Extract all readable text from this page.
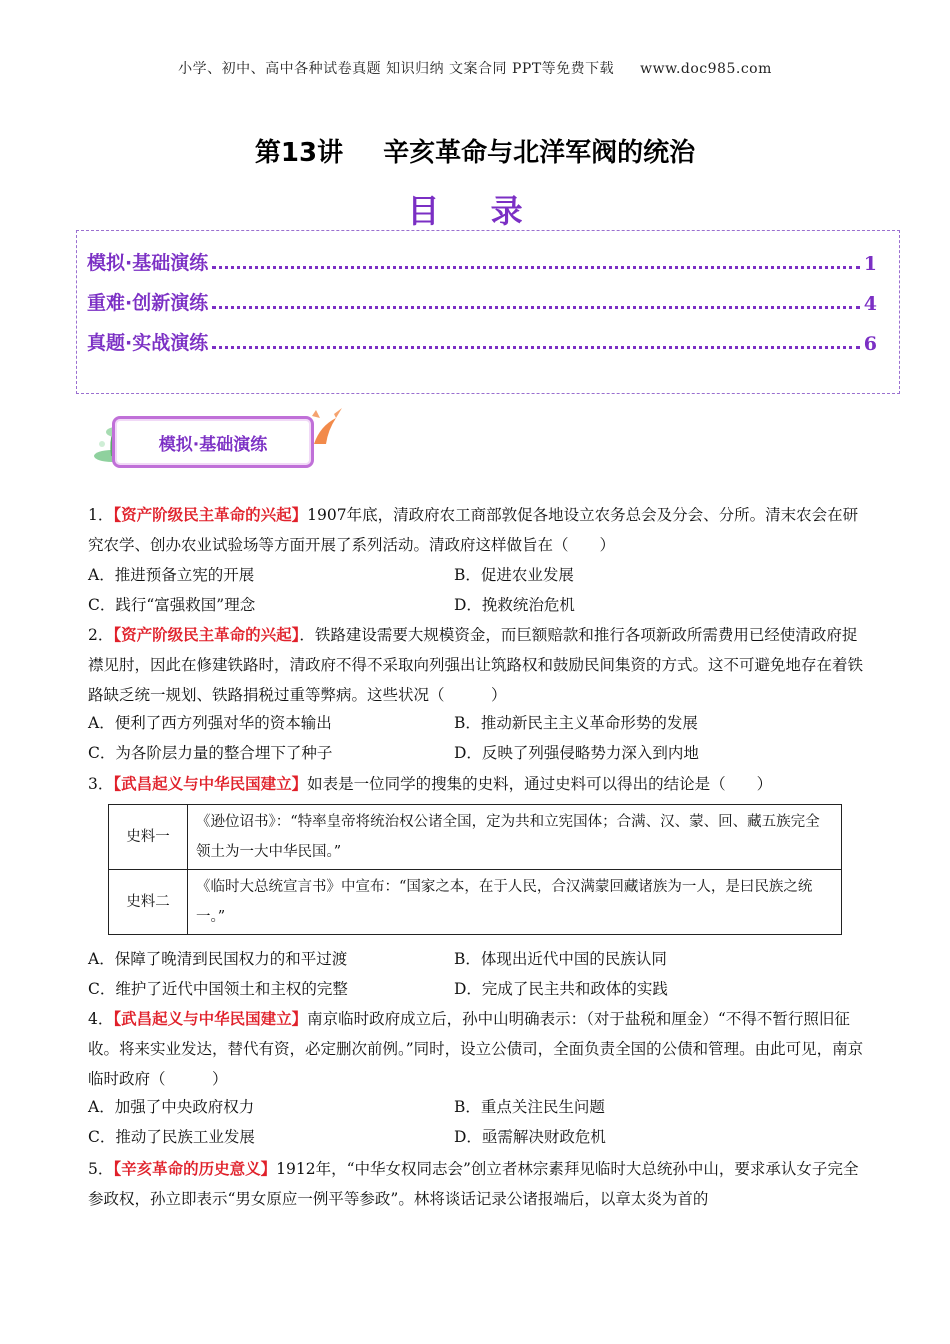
小学、初中、高中各种试卷真题 知识归纳 文案合同 PPT等免费下载 www.doc985.com
第13讲 辛亥革命与北洋军阀的统治
目 录
模拟·基础演练	1
重难·创新演练	4
真题·实战演练	6
模拟·基础演练
1．【资产阶级民主革命的兴起】1907年底，清政府农工商部敦促各地设立农务总会及分会、分所。清末农会在研究农学、创办农业试验场等方面开展了系列活动。清政府这样做旨在（　　）
A．推进预备立宪的开展	B．促进农业发展
C．践行“富强救国”理念	D．挽救统治危机
2．【资产阶级民主革命的兴起】．铁路建设需要大规模资金，而巨额赔款和推行各项新政所需费用已经使清政府捉襟见肘，因此在修建铁路时，清政府不得不采取向列强出让筑路权和鼓励民间集资的方式。这不可避免地存在着铁路缺乏统一规划、铁路捐税过重等弊病。这些状况（　　　）
A．便利了西方列强对华的资本输出	B．推动新民主主义革命形势的发展
C．为各阶层力量的整合埋下了种子	D．反映了列强侵略势力深入到内地
3．【武昌起义与中华民国建立】如表是一位同学的搜集的史料，通过史料可以得出的结论是（　　）
史料一	《逊位诏书》：“特率皇帝将统治权公诸全国，定为共和立宪国体；合满、汉、蒙、回、藏五族完全领土为一大中华民国。”
史料二	《临时大总统宣言书》中宣布：“国家之本，在于人民，合汉满蒙回藏诸族为一人，是曰民族之统一。”
A．保障了晚清到民国权力的和平过渡	B．体现出近代中国的民族认同
C．维护了近代中国领土和主权的完整	D．完成了民主共和政体的实践
4．【武昌起义与中华民国建立】南京临时政府成立后，孙中山明确表示：（对于盐税和厘金）“不得不暂行照旧征收。将来实业发达，替代有资，必定删次前例。”同时，设立公债司，全面负责全国的公债和管理。由此可见，南京临时政府（　　　）
A．加强了中央政府权力	B．重点关注民生问题
C．推动了民族工业发展	D．亟需解决财政危机
5．【辛亥革命的历史意义】1912年，“中华女权同志会”创立者林宗素拜见临时大总统孙中山，要求承认女子完全参政权，孙立即表示“男女原应一例平等参政”。林将谈话记录公诸报端后，以章太炎为首的
